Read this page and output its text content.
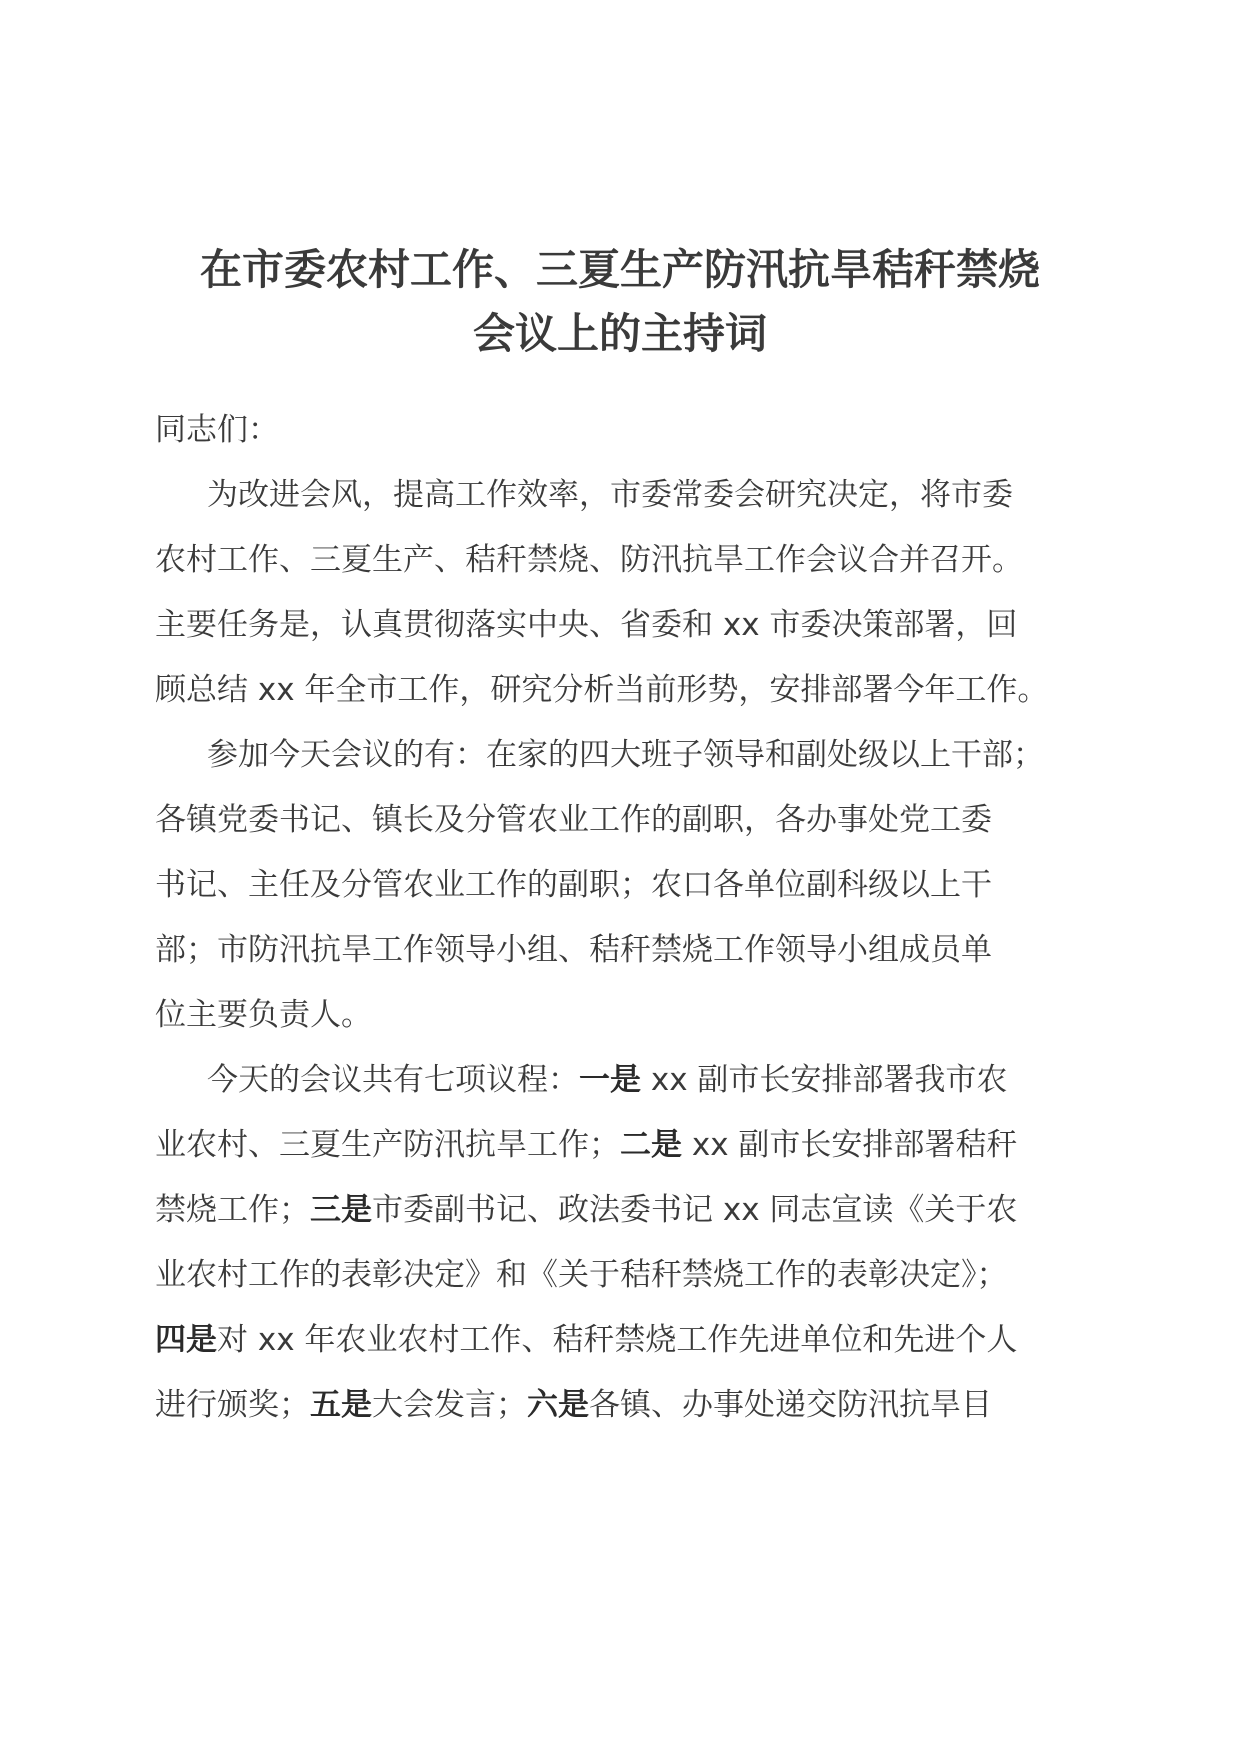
在市委农村工作、三夏生产防汛抗旱秸秆禁烧
会议上的主持词

同志们：

为改进会风，提高工作效率，市委常委会研究决定，将市委
农村工作、三夏生产、秸秆禁烧、防汛抗旱工作会议合并召开。
主要任务是，认真贯彻落实中央、省委和 xx 市委决策部署，回
顾总结 xx 年全市工作，研究分析当前形势，安排部署今年工作。

参加今天会议的有：在家的四大班子领导和副处级以上干部；
各镇党委书记、镇长及分管农业工作的副职，各办事处党工委
书记、主任及分管农业工作的副职；农口各单位副科级以上干
部；市防汛抗旱工作领导小组、秸秆禁烧工作领导小组成员单
位主要负责人。

今天的会议共有七项议程：一是 xx 副市长安排部署我市农
业农村、三夏生产防汛抗旱工作；二是 xx 副市长安排部署秸秆
禁烧工作；三是市委副书记、政法委书记 xx 同志宣读《关于农
业农村工作的表彰决定》和《关于秸秆禁烧工作的表彰决定》；
四是对 xx 年农业农村工作、秸秆禁烧工作先进单位和先进个人
进行颁奖；五是大会发言；六是各镇、办事处递交防汛抗旱目
